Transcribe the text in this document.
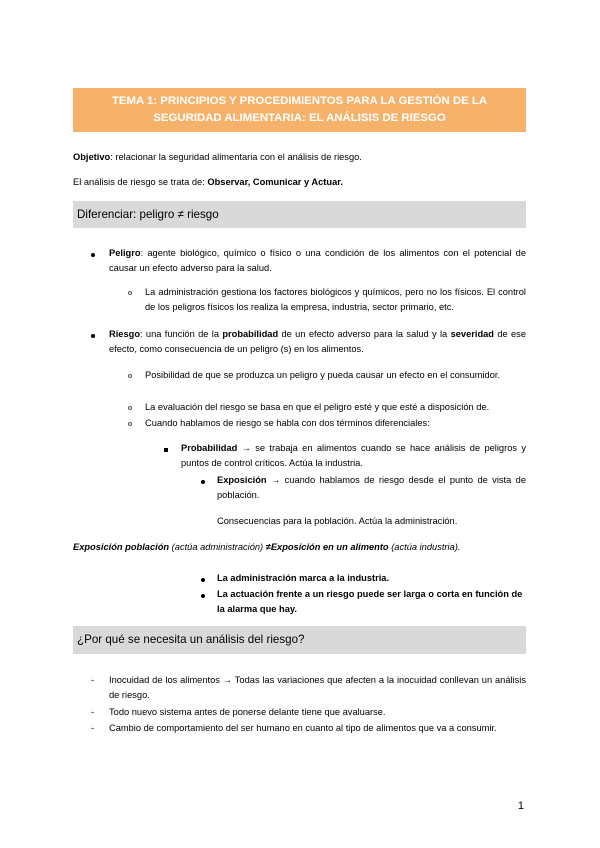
TEMA 1: PRINCIPIOS Y PROCEDIMIENTOS PARA LA GESTIÓN DE LA
SEGURIDAD ALIMENTARIA: EL ANÁLISIS DE RIESGO
Objetivo: relacionar la seguridad alimentaria con el análisis de riesgo.
El análisis de riesgo se trata de: Observar, Comunicar y Actuar.
Diferenciar: peligro ≠ riesgo
Peligro: agente biológico, químico o físico o una condición de los alimentos con el potencial de causar un efecto adverso para la salud.
La administración gestiona los factores biológicos y químicos, pero no los físicos. El control de los peligros físicos los realiza la empresa, industria, sector primario, etc.
Riesgo: una función de la probabilidad de un efecto adverso para la salud y la severidad de ese efecto, como consecuencia de un peligro (s) en los alimentos.
Posibilidad de que se produzca un peligro y pueda causar un efecto en el consumidor.
La evaluación del riesgo se basa en que el peligro esté y que esté a disposición de.
Cuando hablamos de riesgo se habla con dos términos diferenciales:
Probabilidad → se trabaja en alimentos cuando se hace análisis de peligros y puntos de control críticos. Actúa la industria.
Exposición → cuando hablamos de riesgo desde el punto de vista de población.
Consecuencias para la población. Actúa la administración.
Exposición población (actúa administración) ≠Exposición en un alimento (actúa industria).
La administración marca a la industria.
La actuación frente a un riesgo puede ser larga o corta en función de la alarma que hay.
¿Por qué se necesita un análisis del riesgo?
- Inocuidad de los alimentos → Todas las variaciones que afecten a la inocuidad conllevan un análisis de riesgo.
- Todo nuevo sistema antes de ponerse delante tiene que avaluarse.
- Cambio de comportamiento del ser humano en cuanto al tipo de alimentos que va a consumir.
1
